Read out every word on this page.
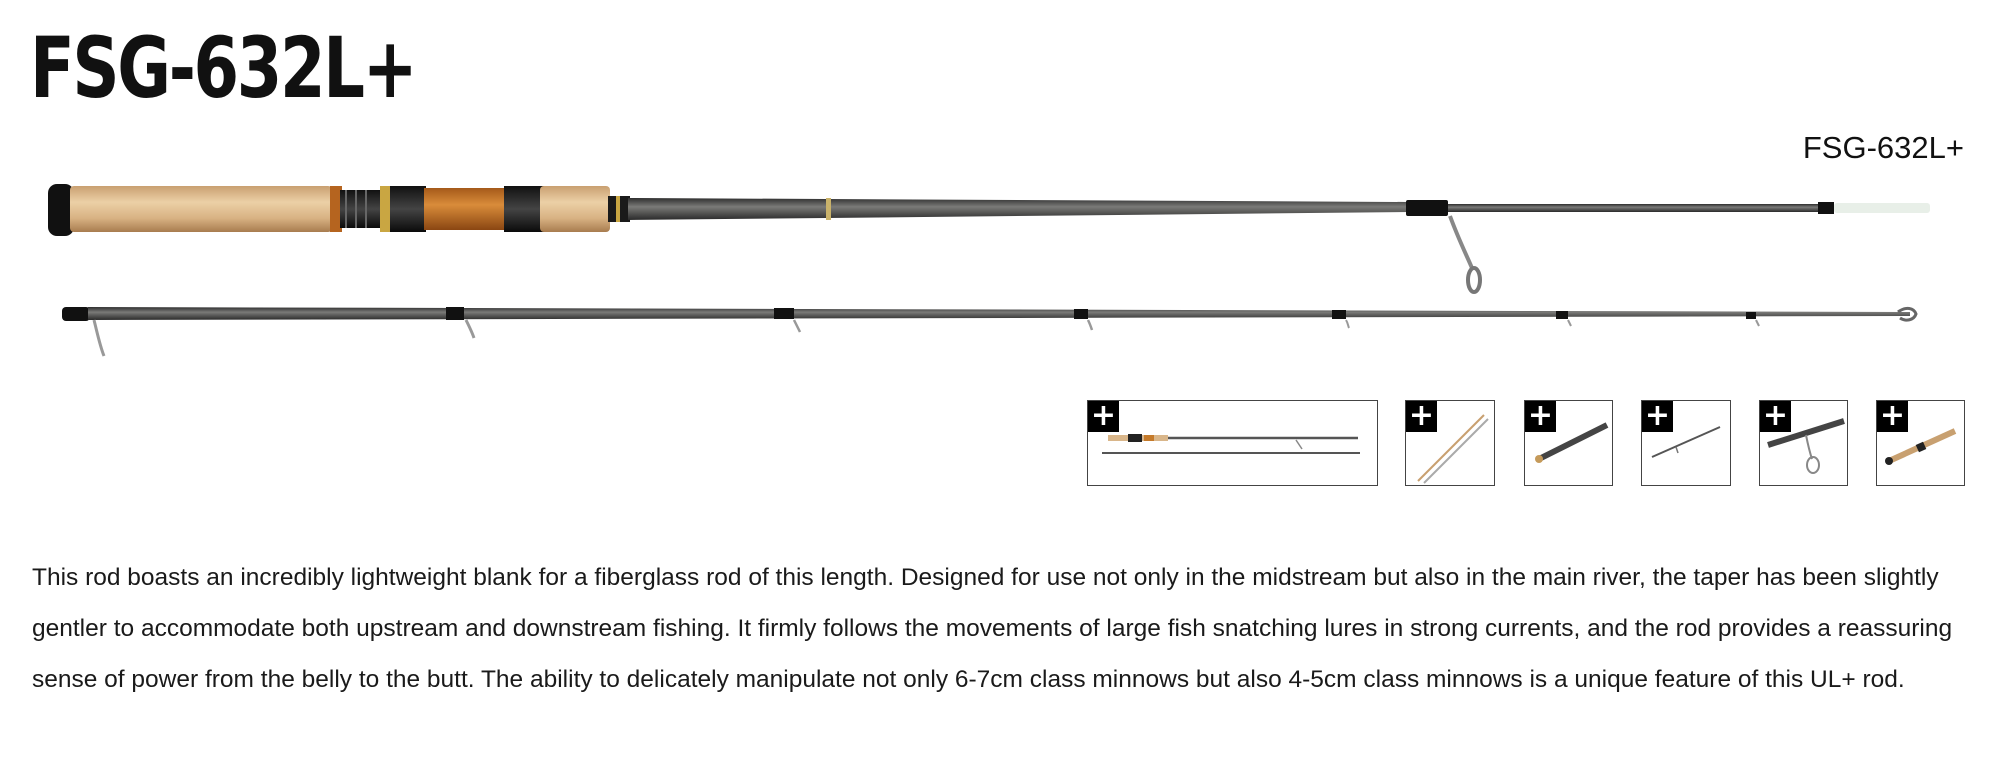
FSG-632L+
FSG-632L+
+	+	+	+	+	+

This rod boasts an incredibly lightweight blank for a fiberglass rod of this length. Designed for use not only in the midstream but also in the main river, the taper has been slightly gentler to accommodate both upstream and downstream fishing. It firmly follows the movements of large fish snatching lures in strong currents, and the rod provides a reassuring sense of power from the belly to the butt. The ability to delicately manipulate not only 6-7cm class minnows but also 4-5cm class minnows is a unique feature of this UL+ rod.
